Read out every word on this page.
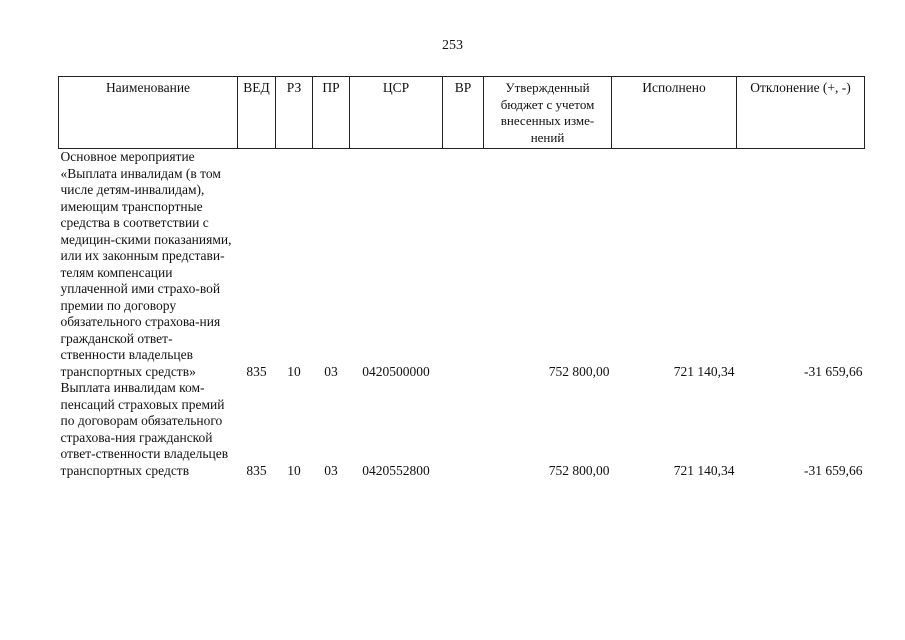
253
Наименование	ВЕД	РЗ	ПР	ЦСР	ВР	Утвержденный бюджет с учетом внесенных изме-нений	Исполнено	Отклонение (+, -)
Основное мероприятие «Выплата инвалидам (в том числе детям-инвалидам), имеющим транспортные средства в соответствии с медицин-скими показаниями, или их законным представи-телям компенсации уплаченной ими страхо-вой премии по договору обязательного страхова-ния гражданской ответ-ственности владельцев транспортных средств»	835	10	03	0420500000		752 800,00	721 140,34	-31 659,66
Выплата инвалидам ком-пенсаций страховых премий по договорам обязательного страхова-ния гражданской ответ-ственности владельцев транспортных средств	835	10	03	0420552800		752 800,00	721 140,34	-31 659,66
